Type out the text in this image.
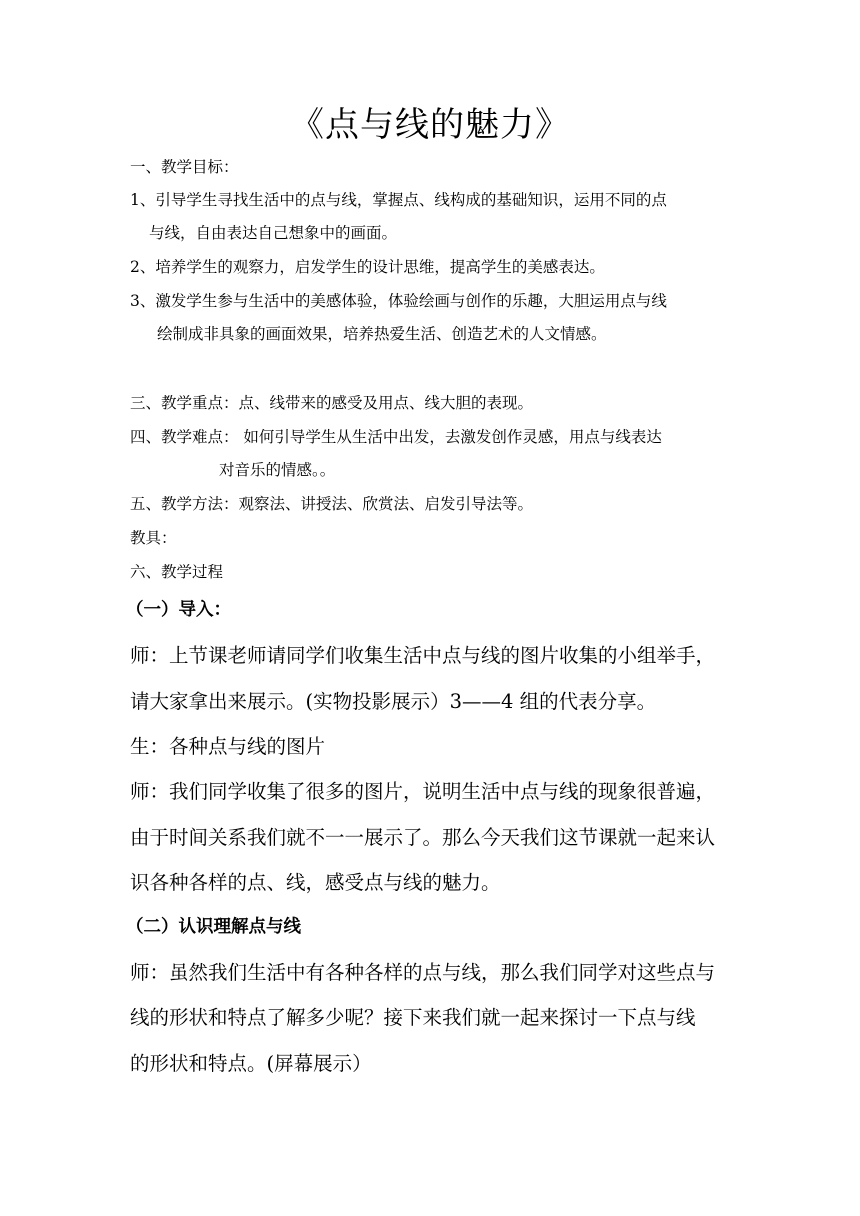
《点与线的魅力》
一、教学目标：
1、引导学生寻找生活中的点与线，掌握点、线构成的基础知识，运用不同的点
与线，自由表达自己想象中的画面。
2、培养学生的观察力，启发学生的设计思维，提高学生的美感表达。
3、激发学生参与生活中的美感体验，体验绘画与创作的乐趣，大胆运用点与线
绘制成非具象的画面效果，培养热爱生活、创造艺术的人文情感。
三、教学重点：点、线带来的感受及用点、线大胆的表现。
四、教学难点： 如何引导学生从生活中出发，去激发创作灵感，用点与线表达
对音乐的情感。。
五、教学方法：观察法、讲授法、欣赏法、启发引导法等。
教具：
六、教学过程
（一）导入：
师：上节课老师请同学们收集生活中点与线的图片收集的小组举手，
请大家拿出来展示。(实物投影展示）3——4 组的代表分享。
生：各种点与线的图片
师：我们同学收集了很多的图片，说明生活中点与线的现象很普遍，
由于时间关系我们就不一一展示了。那么今天我们这节课就一起来认
识各种各样的点、线，感受点与线的魅力。
（二）认识理解点与线
师：虽然我们生活中有各种各样的点与线，那么我们同学对这些点与
线的形状和特点了解多少呢？接下来我们就一起来探讨一下点与线
的形状和特点。(屏幕展示）
